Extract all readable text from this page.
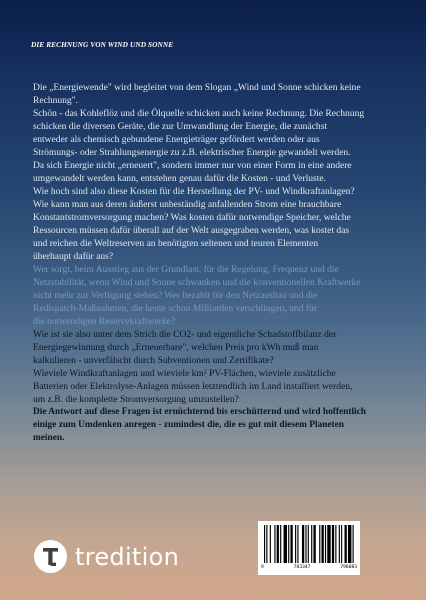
DIE RECHNUNG VON WIND UND SONNE

Die „Energiewende" wird begleitet von dem Slogan „Wind und Sonne schicken keine

Rechnung".

Schön - das Kohleflöz und die Ölquelle schicken auch keine Rechnung. Die Rechnung

schicken die diversen Geräte, die zur Umwandlung der Energie, die zunächst

entweder als chemisch gebundene Energieträger gefördert werden oder aus

Strömungs- oder Strahlungsenergie zu z.B. elektrischer Energie gewandelt werden.

Da sich Energie nicht „erneuert", sondern immer nur von einer Form in eine andere

umgewandelt werden kann, entstehen genau dafür die Kosten - und Verluste.

Wie hoch sind also diese Kosten für die Herstellung der PV- und Windkraftanlagen?

Wie kann man aus deren äußerst unbeständig anfallenden Strom eine brauchbare

Konstantstromversorgung machen? Was kosten dafür notwendige Speicher, welche

Ressourcen müssen dafür überall auf der Welt ausgegraben werden, was kostet das

und reichen die Weltreserven an benötigten seltenen und teuren Elementen

überhaupt dafür aus?

Wer sorgt, beim Ausstieg aus der Grundlast, für die Regelung, Frequenz und die

Netzstabilität, wenn Wind und Sonne schwanken und die konventionellen Kraftwerke

nicht mehr zur Verfügung stehen? Wer bezahlt für den Netzausbau und die

Redispatch-Maßnahmen, die heute schon Milliarden verschlingen, und für

die notwendigen Reservekraftwerke?

Wie ist sie also unter dem Strich die CO2- und eigentliche Schadstoffbilanz der

Energiegewinnung durch „Erneuerbare", welchen Preis pro kWh muß man

kalkulieren - unverfälscht durch Subventionen und Zertifikate?

Wieviele Windkraftanlagen und wieviele km² PV-Flächen, wieviele zusätzliche

Batterien oder Elektrolyse-Anlagen müssen letztendlich im Land installiert werden,

um z.B. die komplette Stromversorgung umzustellen?

Die Antwort auf diese Fragen ist ernüchternd bis erschütternd und wird hoffentlich

einige zum Umdenken anregen - zumindest die, die es gut mit diesem Planeten

meinen.

tredition	9	783347	798083
